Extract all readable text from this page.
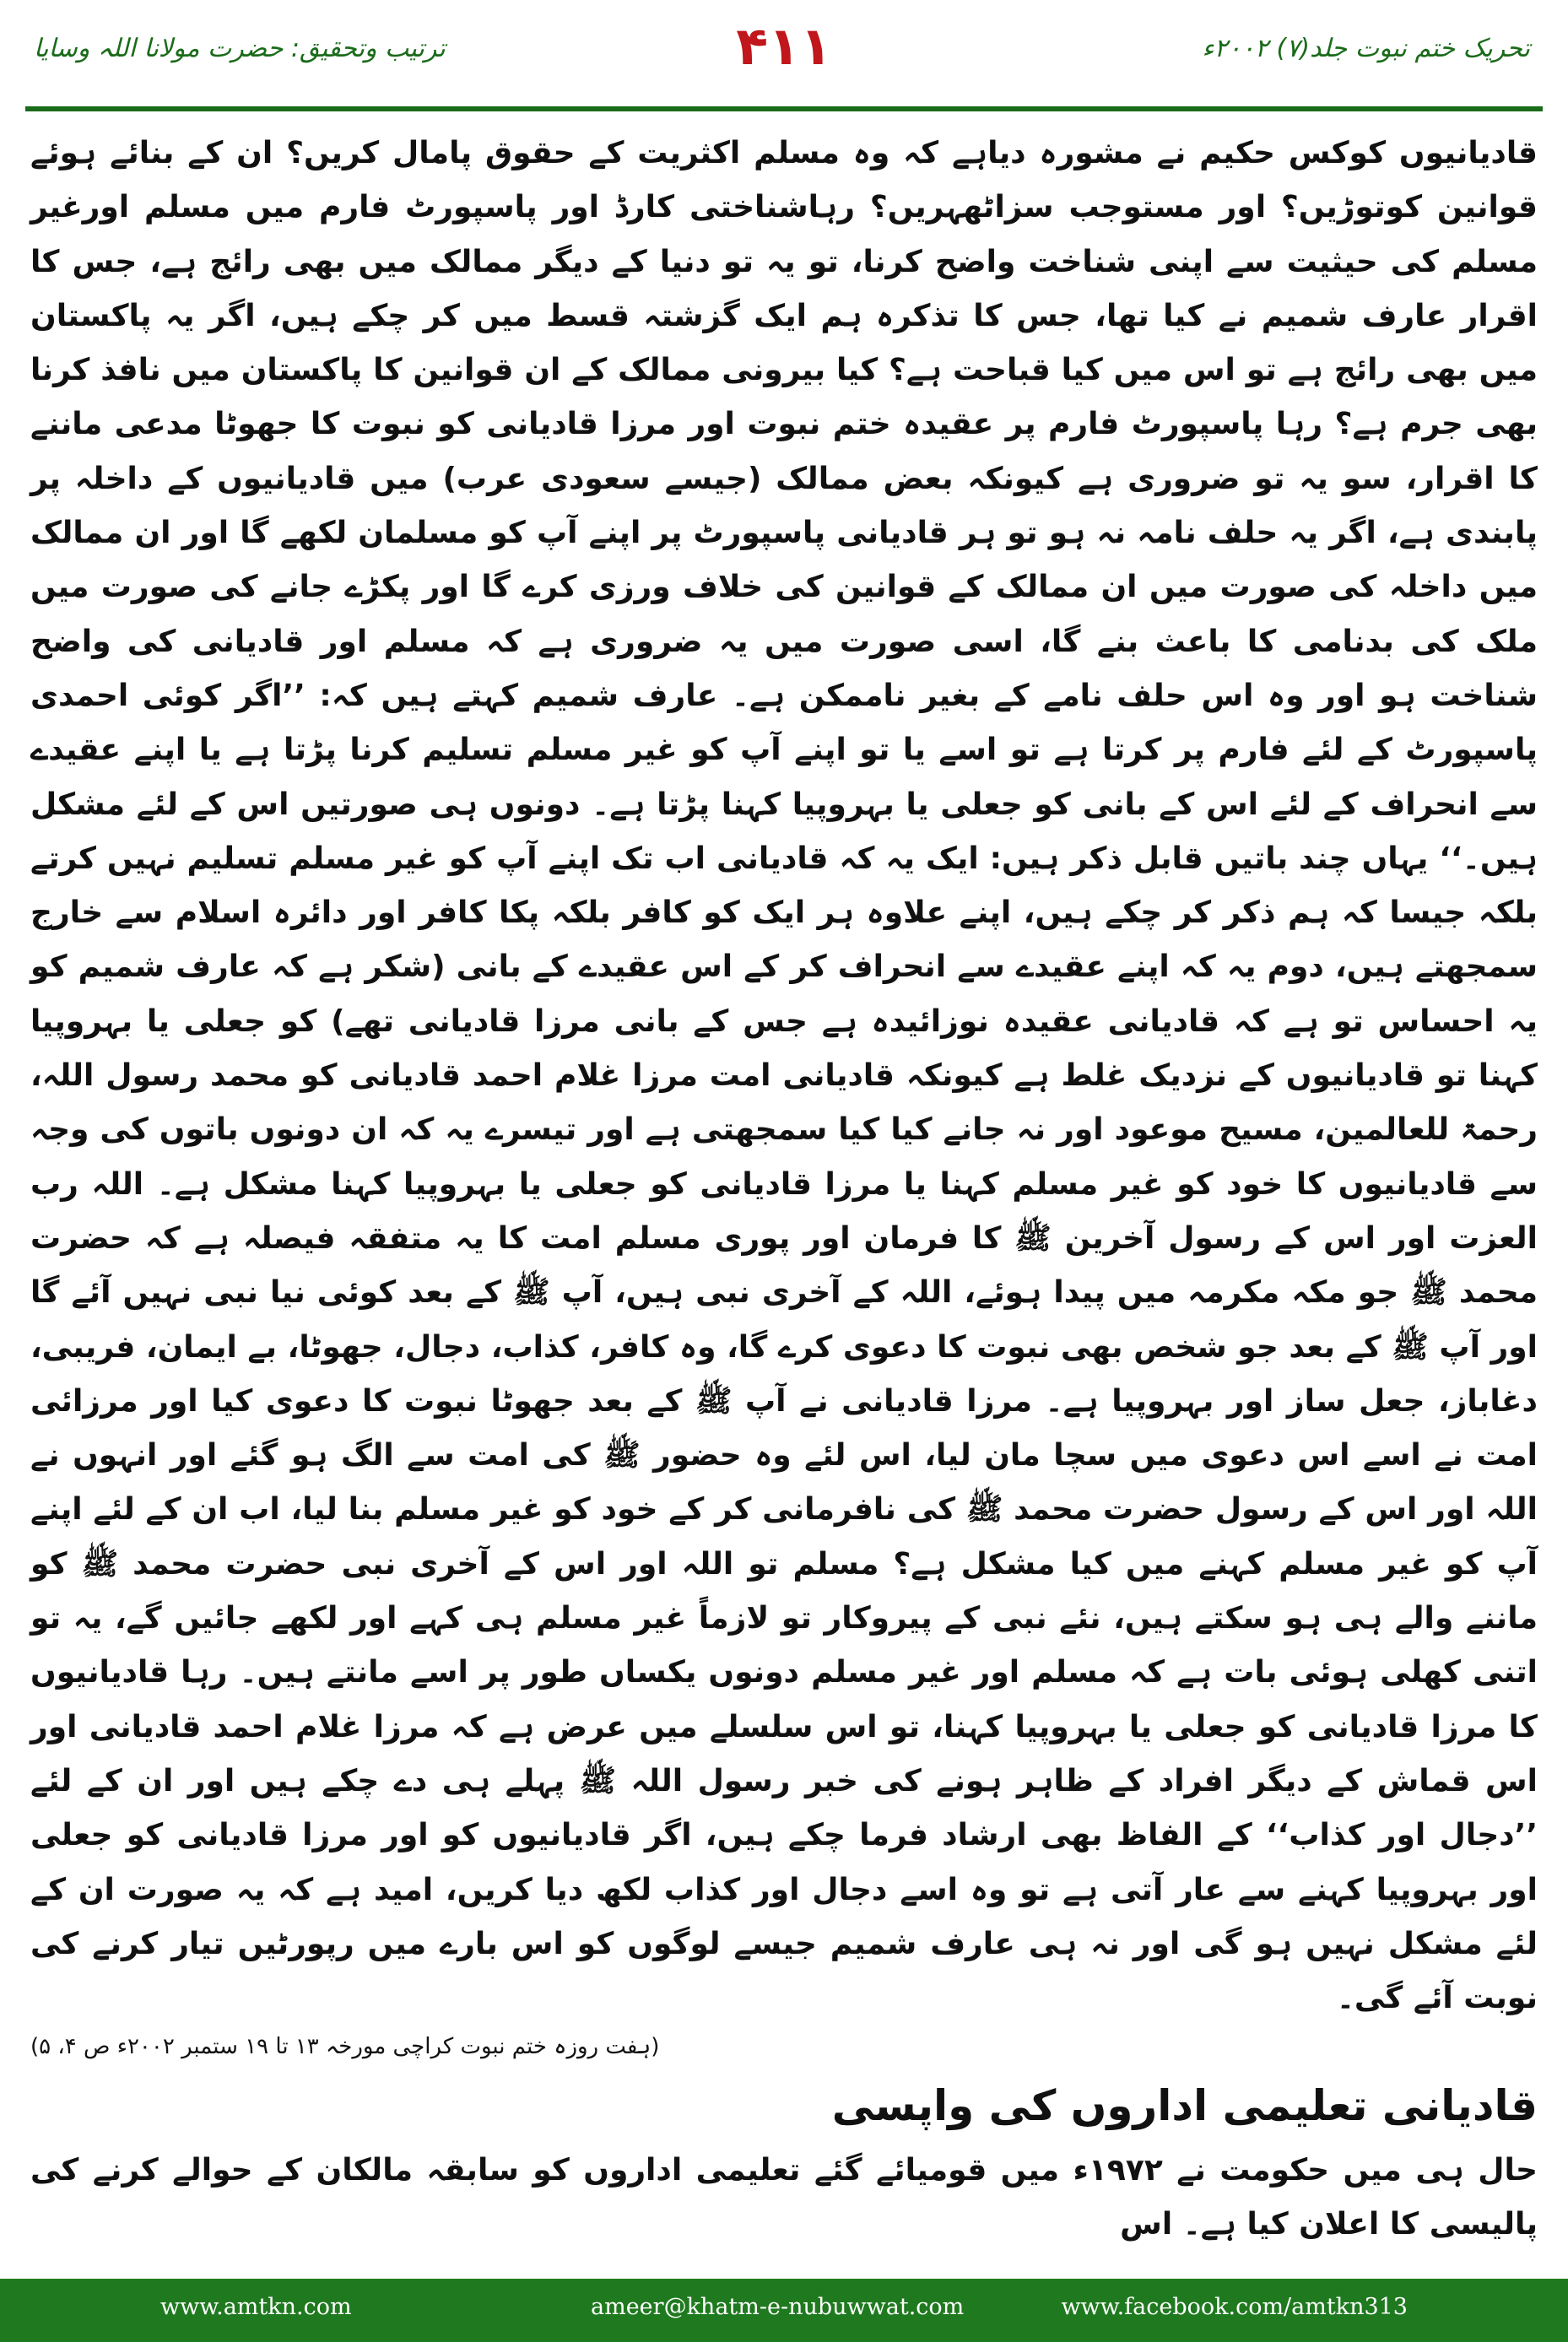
تحریک ختم نبوت جلد(۷) ۲۰۰۲ء
۴۱۱
ترتیب وتحقیق: حضرت مولانا اللہ وسایا

قادیانیوں کوکس حکیم نے مشورہ دیاہے کہ وہ مسلم اکثریت کے حقوق پامال کریں؟ ان کے بنائے ہوئے قوانین کوتوڑیں؟ اور مستوجب سزاٹھہریں؟ رہاشناختی کارڈ اور پاسپورٹ فارم میں مسلم اورغیر مسلم کی حیثیت سے اپنی شناخت واضح کرنا، تو یہ تو دنیا کے دیگر ممالک میں بھی رائج ہے، جس کا اقرار عارف شمیم نے کیا تھا، جس کا تذکرہ ہم ایک گزشتہ قسط میں کر چکے ہیں، اگر یہ پاکستان میں بھی رائج ہے تو اس میں کیا قباحت ہے؟ کیا بیرونی ممالک کے ان قوانین کا پاکستان میں نافذ کرنا بھی جرم ہے؟ رہا پاسپورٹ فارم پر عقیدہ ختم نبوت اور مرزا قادیانی کو نبوت کا جھوٹا مدعی ماننے کا اقرار، سو یہ تو ضروری ہے کیونکہ بعض ممالک (جیسے سعودی عرب) میں قادیانیوں کے داخلہ پر پابندی ہے، اگر یہ حلف نامہ نہ ہو تو ہر قادیانی پاسپورٹ پر اپنے آپ کو مسلمان لکھے گا اور ان ممالک میں داخلہ کی صورت میں ان ممالک کے قوانین کی خلاف ورزی کرے گا اور پکڑے جانے کی صورت میں ملک کی بدنامی کا باعث بنے گا، اسی صورت میں یہ ضروری ہے کہ مسلم اور قادیانی کی واضح شناخت ہو اور وہ اس حلف نامے کے بغیر ناممکن ہے۔ عارف شمیم کہتے ہیں کہ: ’’اگر کوئی احمدی پاسپورٹ کے لئے فارم پر کرتا ہے تو اسے یا تو اپنے آپ کو غیر مسلم تسلیم کرنا پڑتا ہے یا اپنے عقیدے سے انحراف کے لئے اس کے بانی کو جعلی یا بہروپیا کہنا پڑتا ہے۔ دونوں ہی صورتیں اس کے لئے مشکل ہیں۔‘‘ یہاں چند باتیں قابل ذکر ہیں: ایک یہ کہ قادیانی اب تک اپنے آپ کو غیر مسلم تسلیم نہیں کرتے بلکہ جیسا کہ ہم ذکر کر چکے ہیں، اپنے علاوہ ہر ایک کو کافر بلکہ پکا کافر اور دائرہ اسلام سے خارج سمجھتے ہیں، دوم یہ کہ اپنے عقیدے سے انحراف کر کے اس عقیدے کے بانی (شکر ہے کہ عارف شمیم کو یہ احساس تو ہے کہ قادیانی عقیدہ نوزائیدہ ہے جس کے بانی مرزا قادیانی تھے) کو جعلی یا بہروپیا کہنا تو قادیانیوں کے نزدیک غلط ہے کیونکہ قادیانی امت مرزا غلام احمد قادیانی کو محمد رسول اللہ، رحمۃ للعالمین، مسیح موعود اور نہ جانے کیا کیا سمجھتی ہے اور تیسرے یہ کہ ان دونوں باتوں کی وجہ سے قادیانیوں کا خود کو غیر مسلم کہنا یا مرزا قادیانی کو جعلی یا بہروپیا کہنا مشکل ہے۔ اللہ رب العزت اور اس کے رسول آخرین ﷺ کا فرمان اور پوری مسلم امت کا یہ متفقہ فیصلہ ہے کہ حضرت محمد ﷺ جو مکہ مکرمہ میں پیدا ہوئے، اللہ کے آخری نبی ہیں، آپ ﷺ کے بعد کوئی نیا نبی نہیں آئے گا اور آپ ﷺ کے بعد جو شخص بھی نبوت کا دعوی کرے گا، وہ کافر، کذاب، دجال، جھوٹا، بے ایمان، فریبی، دغاباز، جعل ساز اور بہروپیا ہے۔ مرزا قادیانی نے آپ ﷺ کے بعد جھوٹا نبوت کا دعوی کیا اور مرزائی امت نے اسے اس دعوی میں سچا مان لیا، اس لئے وہ حضور ﷺ کی امت سے الگ ہو گئے اور انہوں نے اللہ اور اس کے رسول حضرت محمد ﷺ کی نافرمانی کر کے خود کو غیر مسلم بنا لیا، اب ان کے لئے اپنے آپ کو غیر مسلم کہنے میں کیا مشکل ہے؟ مسلم تو اللہ اور اس کے آخری نبی حضرت محمد ﷺ کو ماننے والے ہی ہو سکتے ہیں، نئے نبی کے پیروکار تو لازماً غیر مسلم ہی کہے اور لکھے جائیں گے، یہ تو اتنی کھلی ہوئی بات ہے کہ مسلم اور غیر مسلم دونوں یکساں طور پر اسے مانتے ہیں۔ رہا قادیانیوں کا مرزا قادیانی کو جعلی یا بہروپیا کہنا، تو اس سلسلے میں عرض ہے کہ مرزا غلام احمد قادیانی اور اس قماش کے دیگر افراد کے ظاہر ہونے کی خبر رسول اللہ ﷺ پہلے ہی دے چکے ہیں اور ان کے لئے ’’دجال اور کذاب‘‘ کے الفاظ بھی ارشاد فرما چکے ہیں، اگر قادیانیوں کو اور مرزا قادیانی کو جعلی اور بہروپیا کہنے سے عار آتی ہے تو وہ اسے دجال اور کذاب لکھ دیا کریں، امید ہے کہ یہ صورت ان کے لئے مشکل نہیں ہو گی اور نہ ہی عارف شمیم جیسے لوگوں کو اس بارے میں رپورٹیں تیار کرنے کی نوبت آئے گی۔

(ہفت روزہ ختم نبوت کراچی مورخہ ۱۳ تا ۱۹ ستمبر ۲۰۰۲ء ص ۴، ۵)

قادیانی تعلیمی اداروں کی واپسی

حال ہی میں حکومت نے ۱۹۷۲ء میں قومیائے گئے تعلیمی اداروں کو سابقہ مالکان کے حوالے کرنے کی پالیسی کا اعلان کیا ہے۔ اس

www.amtkn.com	ameer@khatm-e-nubuwwat.com	www.facebook.com/amtkn313
